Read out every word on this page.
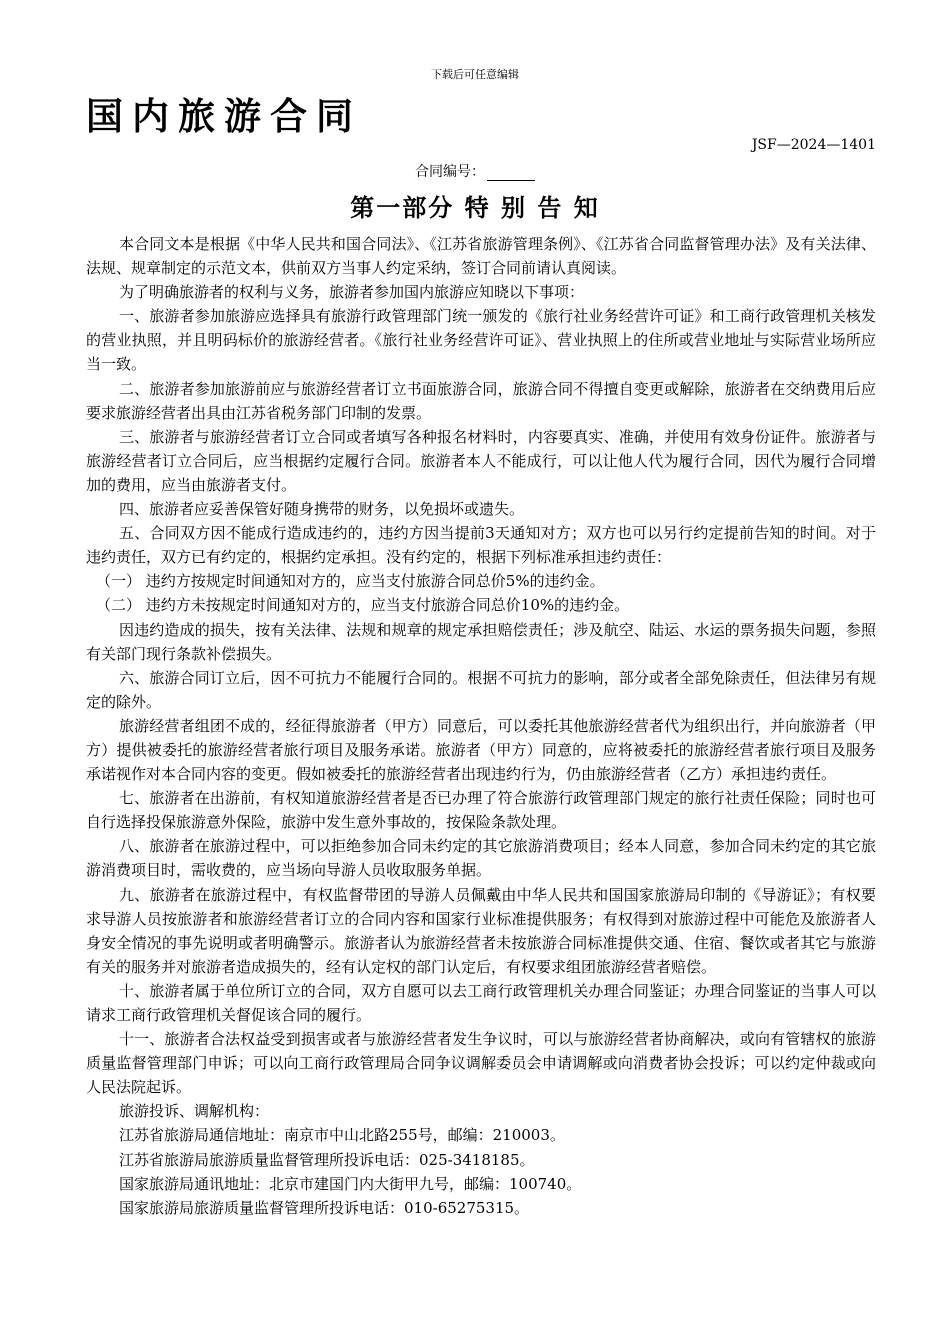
下载后可任意编辑
国内旅游合同
JSF—2024—1401
合同编号：
第一部分 特 别 告 知

本合同文本是根据《中华人民共和国合同法》、《江苏省旅游管理条例》、《江苏省合同监督管理办法》及有关法律、法规、规章制定的示范文本，供前双方当事人约定采纳，签订合同前请认真阅读。

为了明确旅游者的权利与义务，旅游者参加国内旅游应知晓以下事项：

一、旅游者参加旅游应选择具有旅游行政管理部门统一颁发的《旅行社业务经营许可证》和工商行政管理机关核发的营业执照，并且明码标价的旅游经营者。《旅行社业务经营许可证》、营业执照上的住所或营业地址与实际营业场所应当一致。

二、旅游者参加旅游前应与旅游经营者订立书面旅游合同，旅游合同不得擅自变更或解除，旅游者在交纳费用后应要求旅游经营者出具由江苏省税务部门印制的发票。

三、旅游者与旅游经营者订立合同或者填写各种报名材料时，内容要真实、准确，并使用有效身份证件。旅游者与旅游经营者订立合同后，应当根据约定履行合同。旅游者本人不能成行，可以让他人代为履行合同，因代为履行合同增加的费用，应当由旅游者支付。

四、旅游者应妥善保管好随身携带的财务，以免损坏或遗失。

五、合同双方因不能成行造成违约的，违约方因当提前3天通知对方；双方也可以另行约定提前告知的时间。对于违约责任，双方已有约定的，根据约定承担。没有约定的，根据下列标准承担违约责任：

（一） 违约方按规定时间通知对方的，应当支付旅游合同总价5%的违约金。

（二） 违约方未按规定时间通知对方的，应当支付旅游合同总价10%的违约金。

因违约造成的损失，按有关法律、法规和规章的规定承担赔偿责任；涉及航空、陆运、水运的票务损失问题，参照有关部门现行条款补偿损失。

六、旅游合同订立后，因不可抗力不能履行合同的。根据不可抗力的影响，部分或者全部免除责任，但法律另有规定的除外。

旅游经营者组团不成的，经征得旅游者（甲方）同意后，可以委托其他旅游经营者代为组织出行，并向旅游者（甲方）提供被委托的旅游经营者旅行项目及服务承诺。旅游者（甲方）同意的，应将被委托的旅游经营者旅行项目及服务承诺视作对本合同内容的变更。假如被委托的旅游经营者出现违约行为，仍由旅游经营者（乙方）承担违约责任。

七、旅游者在出游前，有权知道旅游经营者是否已办理了符合旅游行政管理部门规定的旅行社责任保险；同时也可自行选择投保旅游意外保险，旅游中发生意外事故的，按保险条款处理。

八、旅游者在旅游过程中，可以拒绝参加合同未约定的其它旅游消费项目；经本人同意，参加合同未约定的其它旅游消费项目时，需收费的，应当场向导游人员收取服务单据。

九、旅游者在旅游过程中，有权监督带团的导游人员佩戴由中华人民共和国国家旅游局印制的《导游证》；有权要求导游人员按旅游者和旅游经营者订立的合同内容和国家行业标准提供服务；有权得到对旅游过程中可能危及旅游者人身安全情况的事先说明或者明确警示。旅游者认为旅游经营者未按旅游合同标准提供交通、住宿、餐饮或者其它与旅游有关的服务并对旅游者造成损失的，经有认定权的部门认定后，有权要求组团旅游经营者赔偿。

十、旅游者属于单位所订立的合同，双方自愿可以去工商行政管理机关办理合同鉴证；办理合同鉴证的当事人可以请求工商行政管理机关督促该合同的履行。

十一、旅游者合法权益受到损害或者与旅游经营者发生争议时，可以与旅游经营者协商解决，或向有管辖权的旅游质量监督管理部门申诉；可以向工商行政管理局合同争议调解委员会申请调解或向消费者协会投诉；可以约定仲裁或向人民法院起诉。

旅游投诉、调解机构：

江苏省旅游局通信地址：南京市中山北路255号，邮编：210003。

江苏省旅游局旅游质量监督管理所投诉电话：025-3418185。

国家旅游局通讯地址：北京市建国门内大街甲九号，邮编：100740。

国家旅游局旅游质量监督管理所投诉电话：010-65275315。
